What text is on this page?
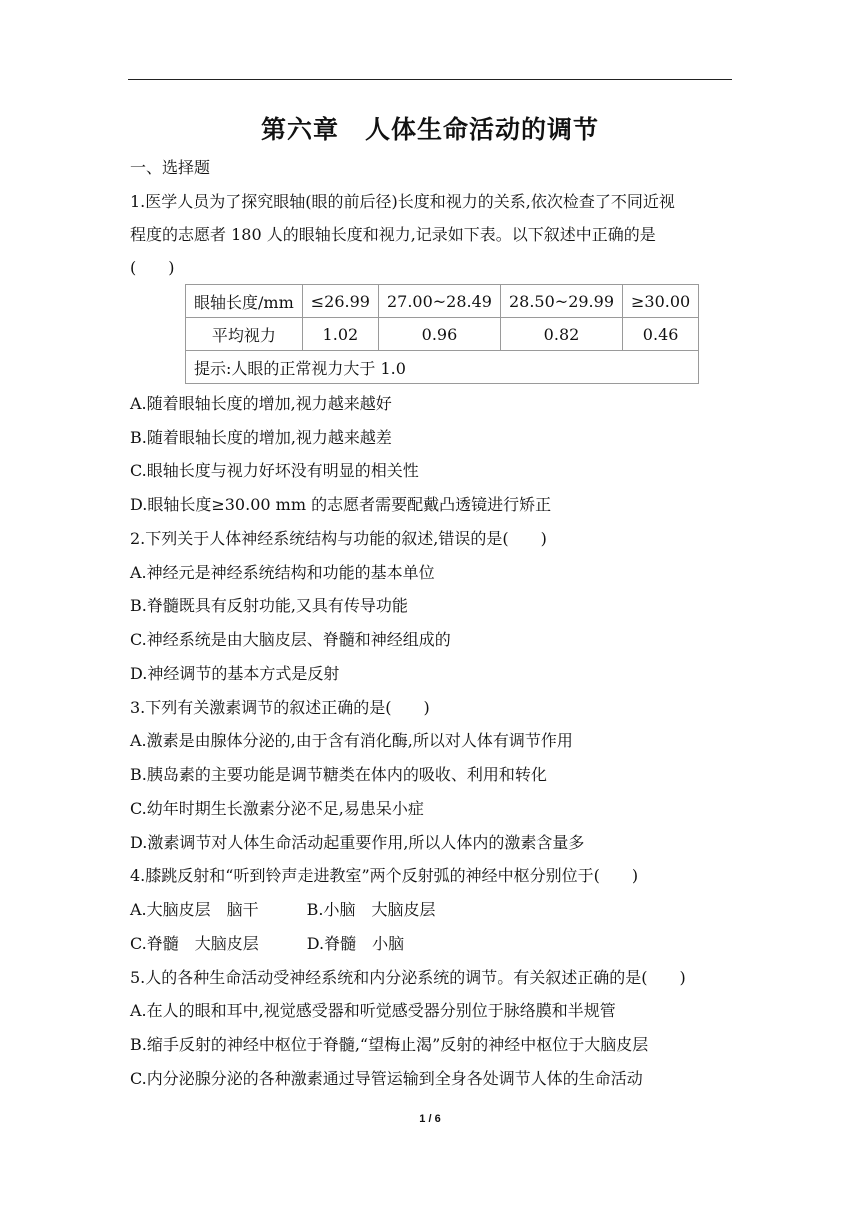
第六章　人体生命活动的调节
一、选择题
1.医学人员为了探究眼轴(眼的前后径)长度和视力的关系,依次检查了不同近视
程度的志愿者 180 人的眼轴长度和视力,记录如下表。以下叙述中正确的是
(　　)
眼轴长度/mm	≤26.99	27.00~28.49	28.50~29.99	≥30.00
平均视力	1.02	0.96	0.82	0.46
提示:人眼的正常视力大于 1.0				
A.随着眼轴长度的增加,视力越来越好
B.随着眼轴长度的增加,视力越来越差
C.眼轴长度与视力好坏没有明显的相关性
D.眼轴长度≥30.00 mm 的志愿者需要配戴凸透镜进行矫正
2.下列关于人体神经系统结构与功能的叙述,错误的是(　　)
A.神经元是神经系统结构和功能的基本单位
B.脊髓既具有反射功能,又具有传导功能
C.神经系统是由大脑皮层、脊髓和神经组成的
D.神经调节的基本方式是反射
3.下列有关激素调节的叙述正确的是(　　)
A.激素是由腺体分泌的,由于含有消化酶,所以对人体有调节作用
B.胰岛素的主要功能是调节糖类在体内的吸收、利用和转化
C.幼年时期生长激素分泌不足,易患呆小症
D.激素调节对人体生命活动起重要作用,所以人体内的激素含量多
4.膝跳反射和“听到铃声走进教室”两个反射弧的神经中枢分别位于(　　)
A.大脑皮层　脑干　　　B.小脑　大脑皮层
C.脊髓　大脑皮层　　　D.脊髓　小脑
5.人的各种生命活动受神经系统和内分泌系统的调节。有关叙述正确的是(　　)
A.在人的眼和耳中,视觉感受器和听觉感受器分别位于脉络膜和半规管
B.缩手反射的神经中枢位于脊髓,“望梅止渴”反射的神经中枢位于大脑皮层
C.内分泌腺分泌的各种激素通过导管运输到全身各处调节人体的生命活动
1 / 6
